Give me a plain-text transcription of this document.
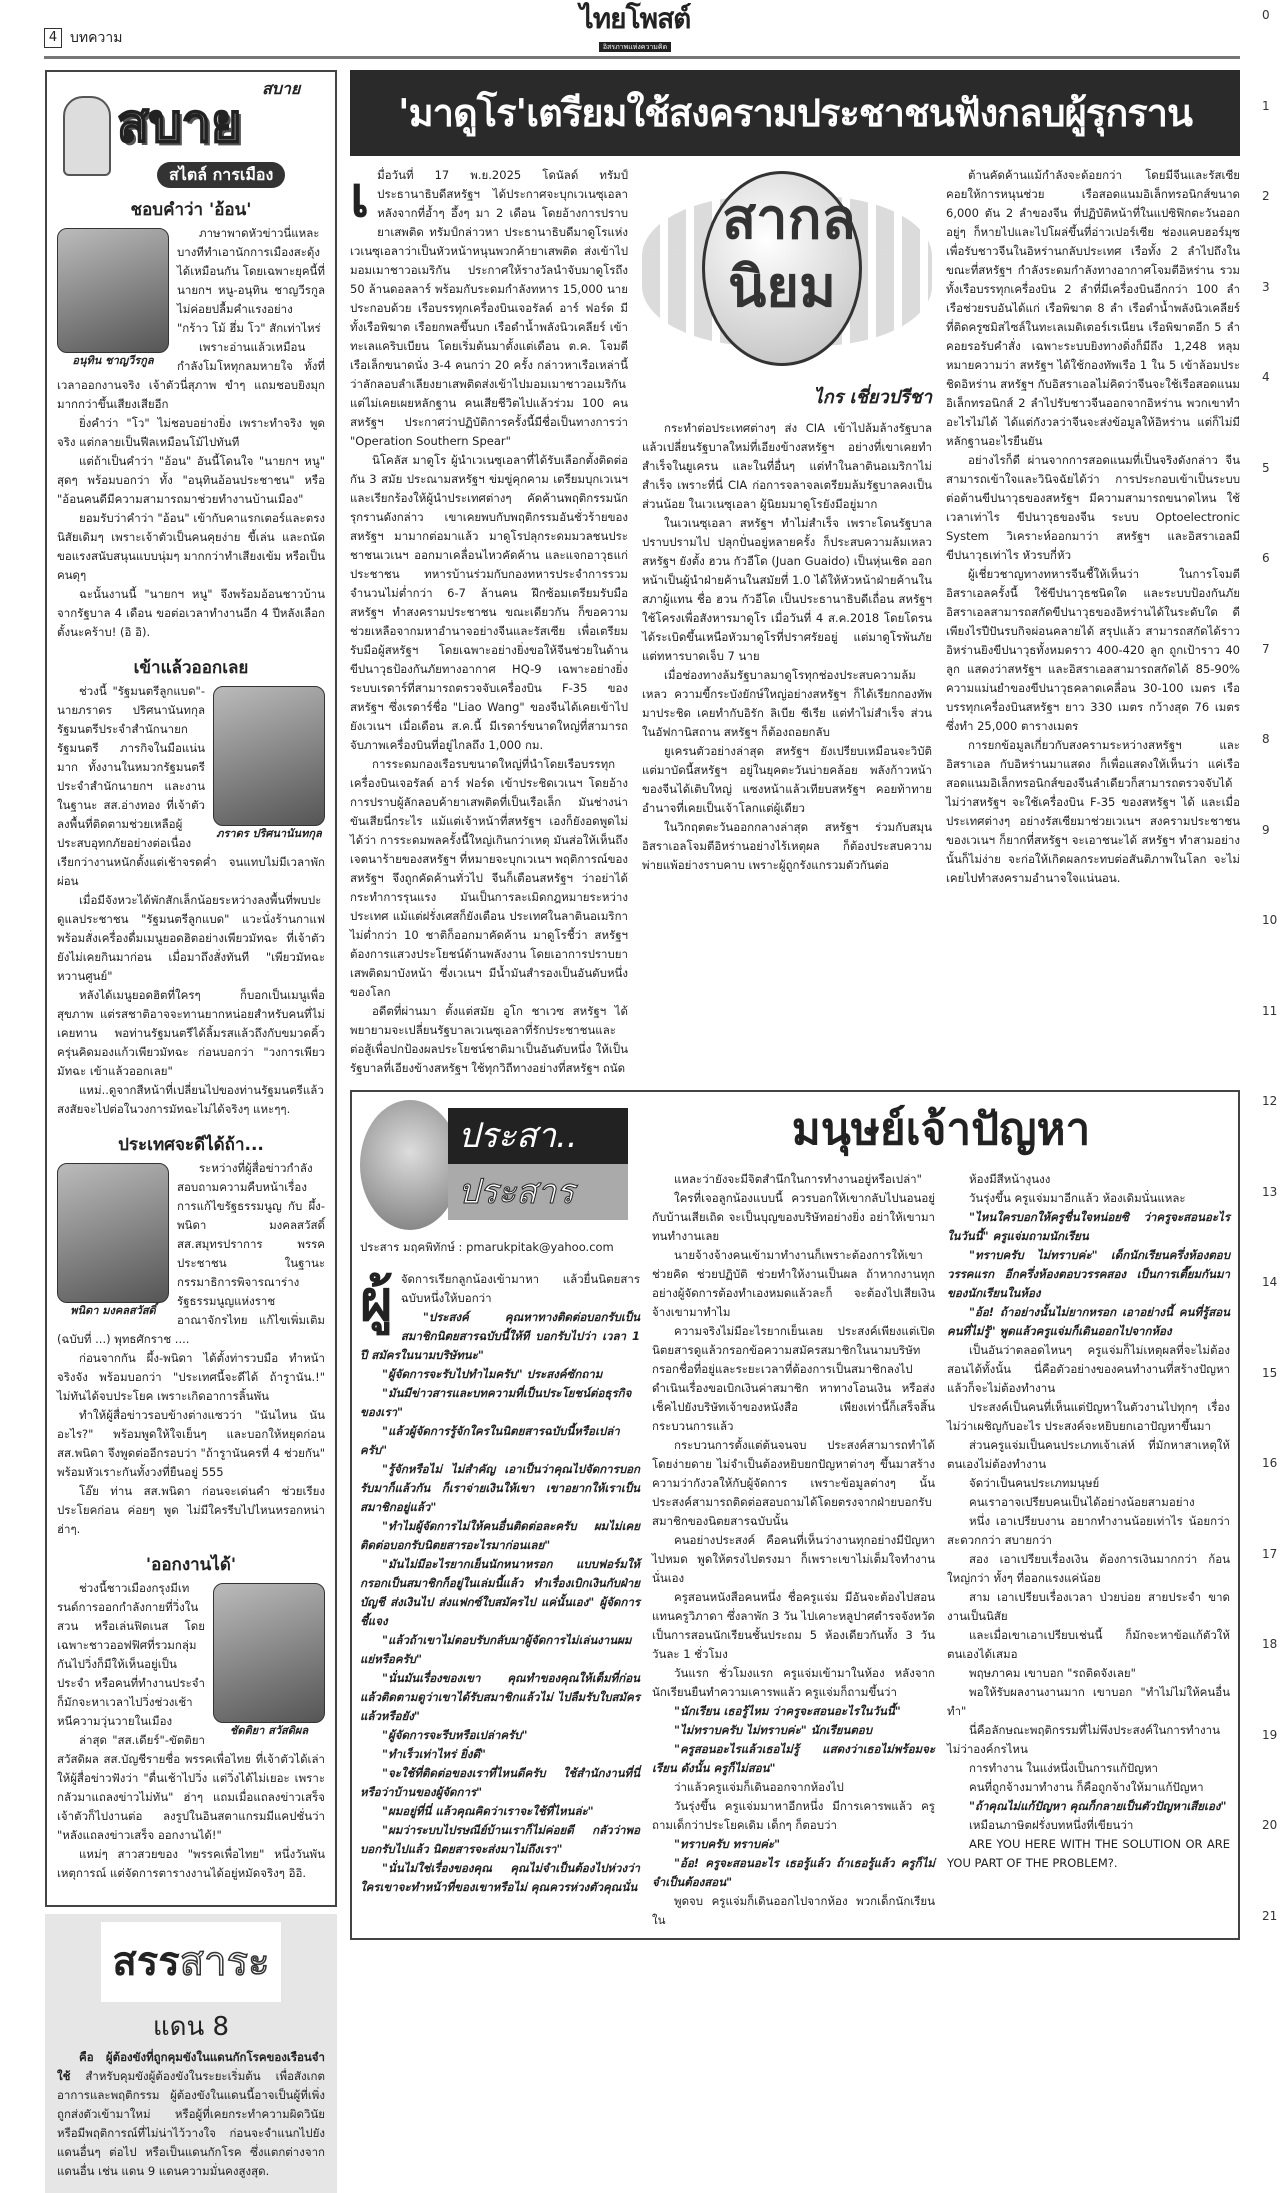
4 บทความ
ไทยโพสต์
อิสรภาพแห่งความคิด
0
1
2
3
4
5
6
7
8
9
10
11
12
13
14
15
16
17
18
19
20
21
สบาย
สบาย
สไตล์ การเมือง
ชอบคำว่า 'อ้อน'
อนุทิน ชาญวีรกูล

ภาษาพาดหัวข่าวนี่แหละ บางทีทำเอานักการเมืองสะดุ้งได้เหมือนกัน โดยเฉพาะยุคนี้ที่ นายกฯ หนู-อนุทิน ชาญวีรกูล ไม่ค่อยปลื้มคำแรงอย่าง "กร้าว โม้ ฮึ่ม โว" สักเท่าไหร่

เพราะอ่านแล้วเหมือนกำลังโมโหทุกลมหายใจ ทั้งที่เวลาออกงานจริง เจ้าตัวนี่สุภาพ ขำๆ แถมชอบยิงมุกมากกว่าขึ้นเสียงเสียอีก

ยิ่งคำว่า "โว" ไม่ชอบอย่างยิ่ง เพราะทำจริง พูดจริง แต่กลายเป็นฟีลเหมือนโม้ไปทันที

แต่ถ้าเป็นคำว่า "อ้อน" อันนี้โดนใจ "นายกฯ หนู" สุดๆ พร้อมบอกว่า ทั้ง "อนุทินอ้อนประชาชน" หรือ "อ้อนคนดีมีความสามารถมาช่วยทำงานบ้านเมือง"

ยอมรับว่าคำว่า "อ้อน" เข้ากับคาแรกเตอร์และตรงนิสัยเดิมๆ เพราะเจ้าตัวเป็นคนคุยง่าย ขี้เล่น และถนัดขอแรงสนับสนุนแบบนุ่มๆ มากกว่าทำเสียงเข้ม หรือเป็นคนดุๆ

ฉะนั้นงานนี้ "นายกฯ หนู" จึงพร้อมอ้อนชาวบ้านจากรัฐบาล 4 เดือน ขอต่อเวลาทำงานอีก 4 ปีหลังเลือกตั้งนะคร้าบ! (อิ อิ).

เข้าแล้วออกเลย
ภราดร ปริศนานันทกุล

ช่วงนี้ "รัฐมนตรีลูกแบด"-นายภราดร ปริศนานันทกุล รัฐมนตรีประจำสำนักนายกรัฐมนตรี ภารกิจในมือแน่นมาก ทั้งงานในหมวกรัฐมนตรีประจำสำนักนายกฯ และงานในฐานะ สส.อ่างทอง ที่เจ้าตัวลงพื้นที่ติดตามช่วยเหลือผู้ประสบอุทกภัยอย่างต่อเนื่อง เรียกว่างานหนักตั้งแต่เช้าจรดค่ำ จนแทบไม่มีเวลาพักผ่อน

เมื่อมีจังหวะได้พักสักเล็กน้อยระหว่างลงพื้นที่พบปะดูแลประชาชน "รัฐมนตรีลูกแบด" แวะนั่งร้านกาแฟพร้อมสั่งเครื่องดื่มเมนูยอดฮิตอย่างเพียวมัทฉะ ที่เจ้าตัวยังไม่เคยกินมาก่อน เมื่อมาถึงสั่งทันที "เพียวมัทฉะหวานศูนย์"

หลังได้เมนูยอดฮิตที่ใครๆ ก็บอกเป็นเมนูเพื่อสุขภาพ แต่รสชาติอาจจะทานยากหน่อยสำหรับคนที่ไม่เคยทาน พอท่านรัฐมนตรีได้ลิ้มรสแล้วถึงกับขมวดคิ้วครุ่นคิดมองแก้วเพียวมัทฉะ ก่อนบอกว่า "วงการเพียวมัทฉะ เข้าแล้วออกเลย"

แหม่..ดูจากสีหน้าที่เปลี่ยนไปของท่านรัฐมนตรีแล้ว สงสัยจะไปต่อในวงการมัทฉะไม่ได้จริงๆ แหะๆๆ.

ประเทศจะดีได้ถ้า...
พนิดา มงคลสวัสดิ์

ระหว่างที่ผู้สื่อข่าวกำลังสอบถามความคืบหน้าเรื่องการแก้ไขรัฐธรรมนูญ กับ ผึ้ง-พนิดา มงคลสวัสดิ์ สส.สมุทรปราการ พรรคประชาชน ในฐานะกรรมาธิการพิจารณาร่างรัฐธรรมนูญแห่งราชอาณาจักรไทย แก้ไขเพิ่มเติม (ฉบับที่ ...) พุทธศักราช ....

ก่อนจากกัน ผึ้ง-พนิดา ได้ตั้งท่ารวบมือ ทำหน้าจริงจัง พร้อมบอกว่า "ประเทศนี้จะดีได้ ถ้ารูานัน.!" ไม่ทันได้จบประโยค เพราะเกิดอาการลิ้นพัน

ทำให้ผู้สื่อข่าวรอบข้างต่างแซวว่า "นันไหน นันอะไร?" พร้อมพูดให้ใจเย็นๆ และบอกให้หยุดก่อน สส.พนิดา จึงพูดต่ออีกรอบว่า "ถ้ารูานันครที่ 4 ช่วยกัน" พร้อมหัวเราะกันทั้งวงที่ยืนอยู่ 555

โอ๊ย ท่าน สส.พนิดา ก่อนจะเด่นคำ ช่วยเรียงประโยคก่อน ค่อยๆ พูด ไม่มีใครรีบไปไหนหรอกหน่า ฮ่าๆ.

'ออกงานได้'
ชัดติยา สวัสดิผล

ช่วงนี้ชาวเมืองกรุงมีเทรนด์การออกกำลังกายที่วิ่งในสวน หรือเล่นฟิตเนส โดยเฉพาะชาวออฟฟิศที่รวมกลุ่มกันไปวิ่งก็มีให้เห็นอยู่เป็นประจำ หรือคนที่ทำงานประจำก็มักจะหาเวลาไปวิ่งช่วงเช้าหนีความวุ่นวายในเมือง

ล่าสุด "สส.เดียร์"-ขัตติยา สวัสดิผล สส.บัญชีรายชื่อ พรรคเพื่อไทย ที่เจ้าตัวได้เล่าให้ผู้สื่อข่าวฟังว่า "ตื่นเช้าไปวิ่ง แต่วิ่งได้ไม่เยอะ เพราะกลัวมาแถลงข่าวไม่ทัน" ฮ่าๆ แถมเมื่อแถลงข่าวเสร็จเจ้าตัวก็ไปงานต่อ ลงรูปในอินสตาแกรมมีแคปชั่นว่า "หลังแถลงข่าวเสร็จ ออกงานได้!"

แหม่ๆ สาวสวยของ "พรรคเพื่อไทย" หนึ่งวันพันเหตุการณ์ แต่จัดการตารางงานได้อยู่หมัดจริงๆ อิอิ.

สรรสาระ
แดน 8
คือ ผู้ต้องขังที่ถูกคุมขังในแดนกักโรคของเรือนจำ ใช้ สำหรับคุมขังผู้ต้องขังในระยะเริ่มต้น เพื่อสังเกตอาการและพฤติกรรม ผู้ต้องขังในแดนนี้อาจเป็นผู้ที่เพิ่งถูกส่งตัวเข้ามาใหม่ หรือผู้ที่เคยกระทำความผิดวินัย หรือมีพฤติการณ์ที่ไม่น่าไว้วางใจ ก่อนจะจำแนกไปยังแดนอื่นๆ ต่อไป หรือเป็นแดนกักโรค ซึ่งแตกต่างจากแดนอื่น เช่น แดน 9 แดนความมั่นคงสูงสุด.
'มาดูโร'เตรียมใช้สงครามประชาชนฟังกลบผู้รุกราน
เ มื่อวันที่ 17 พ.ย.2025 โดนัลด์ ทรัมป์ ประธานาธิบดีสหรัฐฯ ได้ประกาศจะบุกเวเนซุเอลา หลังจากที่อ้ำๆ อึ้งๆ มา 2 เดือน โดยอ้างการปราบยาเสพติด ทรัมป์กล่าวหา ประธานาธิบดีมาดูโรแห่งเวเนซุเอลาว่าเป็นหัวหน้าหนุนพวกค้ายาเสพติด ส่งเข้าไปมอมเมาชาวอเมริกัน ประกาศให้รางวัลนำจับมาดูโรถึง 50 ล้านดอลลาร์ พร้อมกับระดมกำลังทหาร 15,000 นาย ประกอบด้วย เรือบรรทุกเครื่องบินเจอรัลด์ อาร์ ฟอร์ด มีทั้งเรือพิฆาต เรือยกพลขึ้นบก เรือดำน้ำพลังนิวเคลียร์ เข้าทะเลแคริบเบียน โดยเริ่มต้นมาตั้งแต่เดือน ต.ค. โจมตีเรือเล็กขนาดนั่ง 3-4 คนกว่า 20 ครั้ง กล่าวหาเรือเหล่านี้ว่าลักลอบลำเลียงยาเสพติดส่งเข้าไปมอมเมาชาวอเมริกัน แต่ไม่เคยเผยหลักฐาน คนเสียชีวิตไปแล้วร่วม 100 คน สหรัฐฯ ประกาศว่าปฏิบัติการครั้งนี้มีชื่อเป็นทางการว่า "Operation Southern Spear"

นิโคลัส มาดูโร ผู้นำเวเนซุเอลาที่ได้รับเลือกตั้งติดต่อกัน 3 สมัย ประณามสหรัฐฯ ข่มขู่คุกคาม เตรียมบุกเวเนฯ และเรียกร้องให้ผู้นำประเทศต่างๆ คัดค้านพฤติกรรมนักรุกรานดังกล่าว เขาเคยพบกับพฤติกรรมอันชั่วร้ายของสหรัฐฯ มามากต่อมาแล้ว มาดูโรปลุกระดมมวลชนประชาชนเวเนฯ ออกมาเคลื่อนไหวคัดค้าน และแจกอาวุธแก่ประชาชน ทหารบ้านร่วมกับกองทหารประจำการรวมจำนวนไม่ต่ำกว่า 6-7 ล้านคน ฝึกซ้อมเตรียมรับมือสหรัฐฯ ทำสงครามประชาชน ขณะเดียวกัน ก็ขอความช่วยเหลือจากมหาอำนาจอย่างจีนและรัสเซีย เพื่อเตรียมรับมือผู้สหรัฐฯ โดยเฉพาะอย่างยิ่งขอให้จีนช่วยในด้านขีปนาวุธป้องกันภัยทางอากาศ HQ-9 เฉพาะอย่างยิ่งระบบเรดาร์ที่สามารถตรวจจับเครื่องบิน F-35 ของสหรัฐฯ ซึ่งเรดาร์ชื่อ "Liao Wang" ของจีนได้เคยเข้าไปยังเวเนฯ เมื่อเดือน ส.ค.นี้ มีเรดาร์ขนาดใหญ่ที่สามารถจับภาพเครื่องบินที่อยู่ไกลถึง 1,000 กม.

การระดมกองเรือรบขนาดใหญ่ที่นำโดยเรือบรรทุกเครื่องบินเจอรัลด์ อาร์ ฟอร์ด เข้าประชิดเวเนฯ โดยอ้างการปราบผู้ลักลอบค้ายาเสพติดที่เป็นเรือเล็ก มันช่างน่าขันเสียนี่กระไร แม้แต่เจ้าหน้าที่สหรัฐฯ เองก็ยังอดพูดไม่ได้ว่า การระดมพลครั้งนี้ใหญ่เกินกว่าเหตุ มันส่อให้เห็นถึงเจตนาร้ายของสหรัฐฯ ที่หมายจะบุกเวเนฯ พฤติการณ์ของสหรัฐฯ จึงถูกคัดค้านทั่วไป จีนก็เตือนสหรัฐฯ ว่าอย่าได้กระทำการรุนแรง มันเป็นการละเมิดกฎหมายระหว่างประเทศ แม้แต่ฝรั่งเศสก็ยังเตือน ประเทศในลาตินอเมริกาไม่ต่ำกว่า 10 ชาติก็ออกมาคัดค้าน มาดูโรชี้ว่า สหรัฐฯ ต้องการแสวงประโยชน์ด้านพลังงาน โดยเอาการปราบยาเสพติดมาบังหน้า ซึ่งเวเนฯ มีน้ำมันสำรองเป็นอันดับหนึ่งของโลก

อดีตที่ผ่านมา ตั้งแต่สมัย อูโก ชาเวซ สหรัฐฯ ได้พยายามจะเปลี่ยนรัฐบาลเวเนซุเอลาที่รักประชาชนและต่อสู้เพื่อปกป้องผลประโยชน์ชาติมาเป็นอันดับหนึ่ง ให้เป็นรัฐบาลที่เอียงข้างสหรัฐฯ ใช้ทุกวิถีทางอย่างที่สหรัฐฯ ถนัด

สากล นิยม
ไกร เชี่ยวปรีชา

กระทำต่อประเทศต่างๆ ส่ง CIA เข้าไปล้มล้างรัฐบาลแล้วเปลี่ยนรัฐบาลใหม่ที่เอียงข้างสหรัฐฯ อย่างที่เขาเคยทำสำเร็จในยูเครน และในที่อื่นๆ แต่ทำในลาตินอเมริกาไม่สำเร็จ เพราะที่นี่ CIA ก่อการจลาจลเตรียมล้มรัฐบาลคงเป็นส่วนน้อย ในเวเนซุเอลา ผู้นิยมมาดูโรยังมีอยู่มาก

ในเวเนซุเอลา สหรัฐฯ ทำไม่สำเร็จ เพราะโดนรัฐบาลปราบปรามไป ปลุกปั่นอยู่หลายครั้ง ก็ประสบความล้มเหลว สหรัฐฯ ยังตั้ง ฮวน กัวอีโด (Juan Guaido) เป็นหุ่นเชิด ออกหน้าเป็นผู้นำฝ่ายค้านในสมัยที่ 1.0 ได้ให้หัวหน้าฝ่ายค้านในสภาผู้แทน ชื่อ ฮวน กัวอีโด เป็นประธานาธิบดีเถื่อน สหรัฐฯ ใช้โครงเพื่อสังหารมาดูโร เมื่อวันที่ 4 ส.ค.2018 โดยโดรนได้ระเบิดขึ้นเหนือหัวมาดูโรที่ปราศรัยอยู่ แต่มาดูโรพ้นภัย แต่ทหารบาดเจ็บ 7 นาย

เมื่อช่องทางล้มรัฐบาลมาดูโรทุกช่องประสบความล้มเหลว ความขี้กระบังยักษ์ใหญ่อย่างสหรัฐฯ ก็ได้เรียกกองทัพมาประชิด เคยทำกับอิรัก ลิเบีย ซีเรีย แต่ทำไม่สำเร็จ ส่วนในอัฟกานิสถาน สหรัฐฯ ก็ต้องถอยกลับ

ยูเครนตัวอย่างล่าสุด สหรัฐฯ ยังเปรียบเหมือนจะวิบัติ แต่มาบัดนี้สหรัฐฯ อยู่ในยุคตะวันบ่ายคล้อย พลังก้าวหน้าของจีนได้เติบใหญ่ แซงหน้าแล้วเทียบสหรัฐฯ คอยท้าทายอำนาจที่เคยเป็นเจ้าโลกแต่ผู้เดียว

ในวิกฤตตะวันออกกลางล่าสุด สหรัฐฯ ร่วมกับสมุนอิสราเอลโจมตีอิหร่านอย่างไร้เหตุผล ก็ต้องประสบความพ่ายแพ้อย่างราบคาบ เพราะผู้ถูกรังแกรวมตัวกันต่อ

ต้านคัดค้านแม้กำลังจะด้อยกว่า โดยมีจีนและรัสเซียคอยให้การหนุนช่วย เรือสอดแนมอิเล็กทรอนิกส์ขนาด 6,000 ตัน 2 ลำของจีน ที่ปฏิบัติหน้าที่ในแปซิฟิกตะวันออก อยู่ๆ ก็หายไปและไปโผล่ขึ้นที่อ่าวเปอร์เซีย ช่องแคบฮอร์มุซ เพื่อรับชาวจีนในอิหร่านกลับประเทศ เรือทั้ง 2 ลำไปถึงในขณะที่สหรัฐฯ กำลังระดมกำลังทางอากาศโจมตีอิหร่าน รวมทั้งเรือบรรทุกเครื่องบิน 2 ลำที่มีเครื่องบินอีกกว่า 100 ลำ เรือช่วยรบอันได้แก่ เรือพิฆาต 8 ลำ เรือดำน้ำพลังนิวเคลียร์ที่ติดครูซมิสไซล์ในทะเลเมดิเตอร์เรเนียน เรือพิฆาตอีก 5 ลำคอยรอรับคำสั่ง เฉพาะระบบยิงทางดิ่งก็มีถึง 1,248 หลุม หมายความว่า สหรัฐฯ ได้ใช้กองทัพเรือ 1 ใน 5 เข้าล้อมประชิดอิหร่าน สหรัฐฯ กับอิสราเอลไม่คิดว่าจีนจะใช้เรือสอดแนมอิเล็กทรอนิกส์ 2 ลำไปรับชาวจีนออกจากอิหร่าน พวกเขาทำอะไรไม่ได้ ได้แต่กังวลว่าจีนจะส่งข้อมูลให้อิหร่าน แต่ก็ไม่มีหลักฐานอะไรยืนยัน

อย่างไรก็ดี ผ่านจากการสอดแนมที่เป็นจริงดังกล่าว จีนสามารถเข้าใจและวินิจฉัยได้ว่า การประกอบเข้าเป็นระบบต่อต้านขีปนาวุธของสหรัฐฯ มีความสามารถขนาดไหน ใช้เวลาเท่าไร ขีปนาวุธของจีน ระบบ Optoelectronic System วิเคราะห์ออกมาว่า สหรัฐฯ และอิสราเอลมีขีปนาวุธเท่าไร หัวรบกี่หัว

ผู้เชี่ยวชาญทางทหารจีนชี้ให้เห็นว่า ในการโจมตีอิสราเอลครั้งนี้ ใช้ขีปนาวุธชนิดใด และระบบป้องกันภัยอิสราเอลสามารถสกัดขีปนาวุธของอิหร่านได้ในระดับใด ดีเพียงไรปีปันรบกิจผ่อนคลายได้ สรุปแล้ว สามารถสกัดได้ราว อิหร่านยิงขีปนาวุธทั้งหมดราว 400-420 ลูก ถูกเป้าราว 40 ลูก แสดงว่าสหรัฐฯ และอิสราเอลสามารถสกัดได้ 85-90% ความแม่นยำของขีปนาวุธคลาดเคลื่อน 30-100 เมตร เรือบรรทุกเครื่องบินสหรัฐฯ ยาว 330 เมตร กว้างสุด 76 เมตร ซึ่งทำ 25,000 ตารางเมตร

การยกข้อมูลเกี่ยวกับสงครามระหว่างสหรัฐฯ และอิสราเอล กับอิหร่านมาแสดง ก็เพื่อแสดงให้เห็นว่า แค่เรือสอดแนมอิเล็กทรอนิกส์ของจีนลำเดียวก็สามารถตรวจจับได้ ไม่ว่าสหรัฐฯ จะใช้เครื่องบิน F-35 ของสหรัฐฯ ได้ และเมื่อประเทศต่างๆ อย่างรัสเซียมาช่วยเวเนฯ สงครามประชาชนของเวเนฯ ก็ยากที่สหรัฐฯ จะเอาชนะได้ สหรัฐฯ ทำสามอย่างนั้นก็ไม่ง่าย จะก่อให้เกิดผลกระทบต่อสันติภาพในโลก จะไม่เคยไปทำสงครามอำนาจใจแน่นอน.

ประสา..
ประสาร
ประสาร มฤคพิทักษ์ : pmarukpitak@yahoo.com
ผู้ จัดการเรียกลูกน้องเข้ามาหา แล้วยื่นนิตยสารฉบับหนึ่งให้บอกว่า

"ประสงค์ คุณหาทางติดต่อบอกรับเป็นสมาชิกนิตยสารฉบับนี้ให้ที บอกรับไปว่า เวลา 1 ปี สมัครในนามบริษัทนะ"

"ผู้จัดการจะรับไปทำไมครับ" ประสงค์ซักถาม

"มันมีข่าวสารและบทความที่เป็นประโยชน์ต่อธุรกิจของเรา"

"แล้วผู้จัดการรู้จักใครในนิตยสารฉบับนี้หรือเปล่าครับ"

"รู้จักหรือไม่ ไม่สำคัญ เอาเป็นว่าคุณไปจัดการบอกรับมาก็แล้วกัน ก็เราจ่ายเงินให้เขา เขาอยากให้เราเป็นสมาชิกอยู่แล้ว"

"ทำไมผู้จัดการไม่ให้คนอื่นติดต่อละครับ ผมไม่เคยติดต่อบอกรับนิตยสารอะไรมาก่อนเลย"

"มันไม่มีอะไรยากเย็นนักหนาหรอก แบบฟอร์มให้กรอกเป็นสมาชิกก็อยู่ในเล่มนี้แล้ว ทำเรื่องเบิกเงินกับฝ่ายบัญชี ส่งเงินไป ส่งแฟกซ์ใบสมัครไป แค่นั้นเอง" ผู้จัดการชี้แจง

"แล้วถ้าเขาไม่ตอบรับกลับมาผู้จัดการไม่เล่นงานผมแย่หรือครับ"

"นั่นมันเรื่องของเขา คุณทำของคุณให้เต็มที่ก่อน แล้วติดตามดูว่าเขาได้รับสมาชิกแล้วไม่ ไปลืมรับใบสมัครแล้วหรือยัง"

"ผู้จัดการจะรีบหรือเปล่าครับ"

"ทำเร็วเท่าไหร่ ยิ่งดี"

"จะใช้ที่ติดต่อของเราที่ไหนดีครับ ใช้สำนักงานที่นี่หรือว่าบ้านของผู้จัดการ"

"ผมอยู่ที่นี่ แล้วคุณคิดว่าเราจะใช้ที่ไหนล่ะ"

"ผมว่าระบบไปรษณีย์บ้านเราก็ไม่ค่อยดี กลัวว่าพอบอกรับไปแล้ว นิตยสารจะส่งมาไม่ถึงเรา"

"นั่นไม่ใช่เรื่องของคุณ คุณไม่จำเป็นต้องไปห่วงว่าใครเขาจะทำหน้าที่ของเขาหรือไม่ คุณควรห่วงตัวคุณนั่น

มนุษย์เจ้าปัญหา

แหละว่ายังจะมีจิตสำนึกในการทำงานอยู่หรือเปล่า"

ใครที่เจอลูกน้องแบบนี้ ควรบอกให้เขากลับไปนอนอยู่กับบ้านเสียเถิด จะเป็นบุญของบริษัทอย่างยิ่ง อย่าให้เขามาทนทำงานเลย

นายจ้างจ้างคนเข้ามาทำงานก็เพราะต้องการให้เขาช่วยคิด ช่วยปฏิบัติ ช่วยทำให้งานเป็นผล ถ้าหากงานทุกอย่างผู้จัดการต้องทำเองหมดแล้วละก็ จะต้องไปเสียเงินจ้างเขามาทำไม

ความจริงไม่มีอะไรยากเย็นเลย ประสงค์เพียงแต่เปิดนิตยสารดูแล้วกรอกข้อความสมัครสมาชิกในนามบริษัท กรอกชื่อที่อยู่และระยะเวลาที่ต้องการเป็นสมาชิกลงไป ดำเนินเรื่องขอเบิกเงินค่าสมาชิก หาทางโอนเงิน หรือส่งเช็คไปยังบริษัทเจ้าของหนังสือ เพียงเท่านี้ก็เสร็จสิ้นกระบวนการแล้ว

กระบวนการตั้งแต่ต้นจนจบ ประสงค์สามารถทำได้โดยง่ายดาย ไม่จำเป็นต้องหยิบยกปัญหาต่างๆ ขึ้นมาสร้างความว่ากังวลให้กับผู้จัดการ เพราะข้อมูลต่างๆ นั้น ประสงค์สามารถติดต่อสอบถามได้โดยตรงจากฝ่ายบอกรับสมาชิกของนิตยสารฉบับนั้น

คนอย่างประสงค์ คือคนที่เห็นว่างานทุกอย่างมีปัญหาไปหมด พูดให้ตรงไปตรงมา ก็เพราะเขาไม่เต็มใจทำงานนั่นเอง

ครูสอนหนังสือคนหนึ่ง ชื่อครูแจ่ม มีอันจะต้องไปสอนแทนครูวิภาดา ซึ่งลาพัก 3 วัน ไปเคาะหลูปาศตำรจจังหวัด เป็นการสอนนักเรียนชั้นประถม 5 ห้องเดียวกันทั้ง 3 วัน วันละ 1 ชั่วโมง

วันแรก ชั่วโมงแรก ครูแจ่มเข้ามาในห้อง หลังจากนักเรียนยืนทำความเคารพแล้ว ครูแจ่มก็ถามขึ้นว่า

"นักเรียน เธอรู้ไหม ว่าครูจะสอนอะไรในวันนี้"

"ไม่ทราบครับ ไม่ทราบค่ะ" นักเรียนตอบ

"ครูสอนอะไรแล้วเธอไม่รู้ แสดงว่าเธอไม่พร้อมจะเรียน ดังนั้น ครูก็ไม่สอน"

ว่าแล้วครูแจ่มก็เดินออกจากห้องไป

วันรุ่งขึ้น ครูแจ่มมาหาอีกหนึ่ง มีการเคารพแล้ว ครูถามเด็กว่าประโยคเดิม เด็กๆ ก็ตอบว่า

"ทราบครับ ทราบค่ะ"

"อ้อ! ครูจะสอนอะไร เธอรู้แล้ว ถ้าเธอรู้แล้ว ครูก็ไม่จำเป็นต้องสอน"

พูดจบ ครูแจ่มก็เดินออกไปจากห้อง พวกเด็กนักเรียนใน

ห้องมีสีหน้างุนงง

วันรุ่งขึ้น ครูแจ่มมาอีกแล้ว ห้องเดิมนั่นแหละ

"ไหนใครบอกให้ครูชื่นใจหน่อยซิ ว่าครูจะสอนอะไรในวันนี้" ครูแจ่มถามนักเรียน

"ทราบครับ ไม่ทราบค่ะ" เด็กนักเรียนครึ่งห้องตอบวรรคแรก อีกครึ่งห้องตอบวรรคสอง เป็นการเตี๊ยมกันมาของนักเรียนในห้อง

"อ้อ! ถ้าอย่างนั้นไม่ยากหรอก เอาอย่างนี้ คนที่รู้สอนคนที่ไม่รู้" พูดแล้วครูแจ่มก็เดินออกไปจากห้อง

เป็นอันว่าตลอดไหนๆ ครูแจ่มก็ไม่เหตุผลที่จะไม่ต้องสอนได้ทั้งนั้น นี่คือตัวอย่างของคนทำงานที่สร้างปัญหาแล้วก็จะไม่ต้องทำงาน

ประสงค์เป็นคนที่เห็นแต่ปัญหาในตัวงานไปทุกๆ เรื่อง ไม่ว่าเผชิญกับอะไร ประสงค์จะหยิบยกเอาปัญหาขึ้นมา

ส่วนครูแจ่มเป็นคนประเภทเจ้าเล่ห์ ที่มักหาสาเหตุให้ตนเองไม่ต้องทำงาน

จัดว่าเป็นคนประเภทมนุษย์

คนเราอาจเปรียบคนเป็นได้อย่างน้อยสามอย่าง

หนึ่ง เอาเปรียบงาน อยากทำงานน้อยเท่าไร น้อยกว่าสะดวกกว่า สบายกว่า

สอง เอาเปรียบเรื่องเงิน ต้องการเงินมากกว่า ก้อนใหญ่กว่า ทั้งๆ ที่ออกแรงแค่น้อย

สาม เอาเปรียบเรื่องเวลา ป่วยบ่อย สายประจำ ขาดงานเป็นนิสัย

และเมื่อเขาเอาเปรียบเช่นนี้ ก็มักจะหาข้อแก้ตัวให้ตนเองได้เสมอ

พฤษภาคม เขาบอก "รถติดจังเลย"

พอให้รับผลงานงานมาก เขาบอก "ทำไม่ไม่ให้คนอื่นทำ"

นี่คือลักษณะพฤติกรรมที่ไม่พึงประสงค์ในการทำงานไม่ว่าองค์กรไหน

การทำงาน ในแง่หนึ่งเป็นการแก้ปัญหา

คนที่ถูกจ้างมาทำงาน ก็คือถูกจ้างให้มาแก้ปัญหา

"ถ้าคุณไม่แก้ปัญหา คุณก็กลายเป็นตัวปัญหาเสียเอง"

เหมือนภาษิตฝรั่งบทหนึ่งที่เขียนว่า

ARE YOU HERE WITH THE SOLUTION OR ARE YOU PART OF THE PROBLEM?.
